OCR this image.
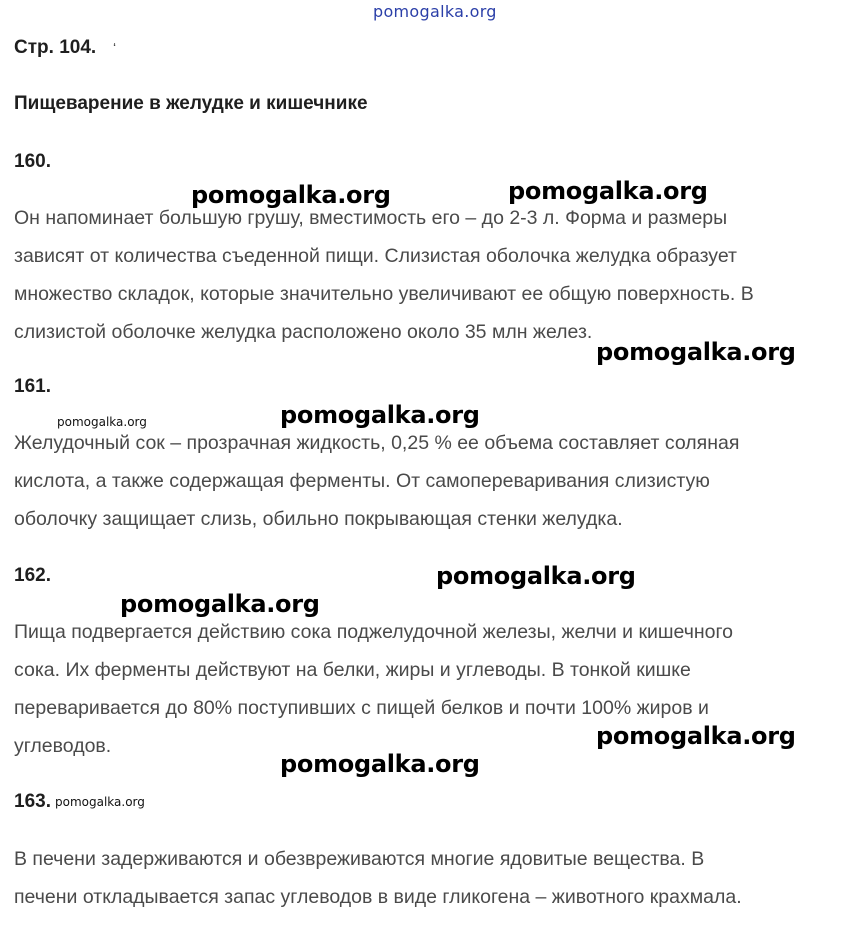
pomogalka.org
Стр. 104. ʻ
Пищеварение в желудке и кишечнике
160.
Он напоминает большую грушу, вместимость его – до 2-3 л. Форма и размеры
зависят от количества съеденной пищи. Слизистая оболочка желудка образует
множество складок, которые значительно увеличивают ее общую поверхность. В
слизистой оболочке желудка расположено около 35 млн желез.
161.
Желудочный сок – прозрачная жидкость, 0,25 % ее объема составляет соляная
кислота, а также содержащая ферменты. От самопереваривания слизистую
оболочку защищает слизь, обильно покрывающая стенки желудка.
162.
Пища подвергается действию сока поджелудочной железы, желчи и кишечного
сока. Их ферменты действуют на белки, жиры и углеводы. В тонкой кишке
переваривается до 80% поступивших с пищей белков и почти 100% жиров и
углеводов.
163.
В печени задерживаются и обезвреживаются многие ядовитые вещества. В
печени откладывается запас углеводов в виде гликогена – животного крахмала.
pomogalka.org	pomogalka.org
pomogalka.org
pomogalka.org	pomogalka.org
pomogalka.org
pomogalka.org
pomogalka.org
pomogalka.org
pomogalka.org
